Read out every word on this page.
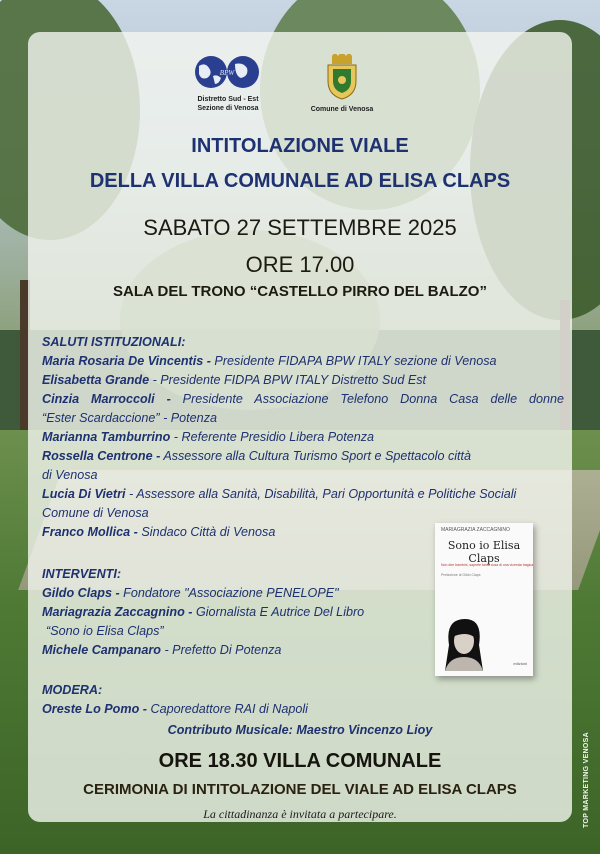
BPW
Distretto Sud - Est
Sezione di Venosa	Comune di Venosa
INTITOLAZIONE VIALE
DELLA VILLA COMUNALE AD ELISA CLAPS
SABATO 27 SETTEMBRE 2025
ORE 17.00
SALA DEL TRONO “CASTELLO PIRRO DEL BALZO”
SALUTI ISTITUZIONALI:
Maria Rosaria De Vincentis - Presidente FIDAPA BPW ITALY sezione di Venosa
Elisabetta Grande - Presidente FIDPA BPW ITALY Distretto Sud Est
Cinzia Marroccoli - Presidente Associazione Telefono Donna Casa delle donne
“Ester Scardaccione” - Potenza
Marianna Tamburrino - Referente Presidio Libera Potenza
Rossella Centrone - Assessore alla Cultura Turismo Sport e Spettacolo città
di Venosa
Lucia Di Vietri - Assessore alla Sanità, Disabilità, Pari Opportunità e Politiche Sociali
Comune di Venosa
Franco Mollica - Sindaco Città di Venosa
INTERVENTI:
Gildo Claps - Fondatore "Associazione PENELOPE"
Mariagrazia Zaccagnino - Giornalista E Autrice Del Libro
“Sono io Elisa Claps”
Michele Campanaro - Prefetto Di Potenza
MODERA:
Oreste Lo Pomo - Caporedattore RAI di Napoli
Contributo Musicale: Maestro Vincenzo Lioy
MARIAGRAZIA ZACCAGNINO
Sono io Elisa Claps
Non dire bambini, saprete tanta cosa di una vicenda tragica
Prefazione di Gildo Claps
edizioni
ORE 18.30 VILLA COMUNALE
CERIMONIA DI INTITOLAZIONE DEL VIALE AD ELISA CLAPS
La cittadinanza è invitata a partecipare.	TOP MARKETING VENOSA
